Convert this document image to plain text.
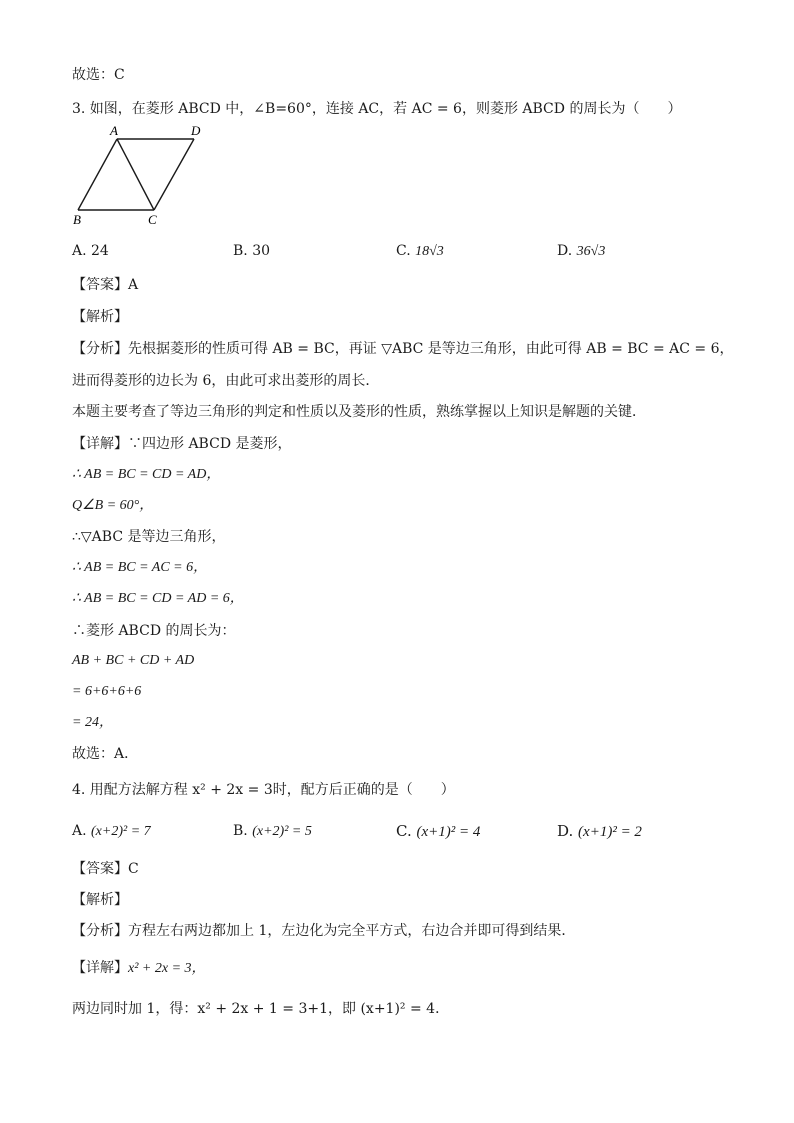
故选：C
3. 如图，在菱形 ABCD 中，∠B=60°，连接 AC，若 AC = 6，则菱形 ABCD 的周长为（　　）
A	D
B	C
A. 24	B. 30	C. 18√3	D. 36√3
【答案】A
【解析】
【分析】先根据菱形的性质可得 AB = BC，再证 ▽ABC 是等边三角形，由此可得 AB = BC = AC = 6，
进而得菱形的边长为 6，由此可求出菱形的周长．
本题主要考查了等边三角形的判定和性质以及菱形的性质，熟练掌握以上知识是解题的关键．
【详解】∵四边形 ABCD 是菱形，
∴ AB = BC = CD = AD，
Q∠B = 60°，
∴▽ABC 是等边三角形，
∴ AB = BC = AC = 6，
∴ AB = BC = CD = AD = 6，
∴菱形 ABCD 的周长为：
AB + BC + CD + AD
= 6+6+6+6
= 24，
故选：A．
4. 用配方法解方程 x² + 2x = 3时，配方后正确的是（　　）
A. (x+2)² = 7	B. (x+2)² = 5	C. (x+1)² = 4	D. (x+1)² = 2
【答案】C
【解析】
【分析】方程左右两边都加上 1，左边化为完全平方式，右边合并即可得到结果．
【详解】x² + 2x = 3，
两边同时加 1，得：x² + 2x + 1 = 3+1，即 (x+1)² = 4．
